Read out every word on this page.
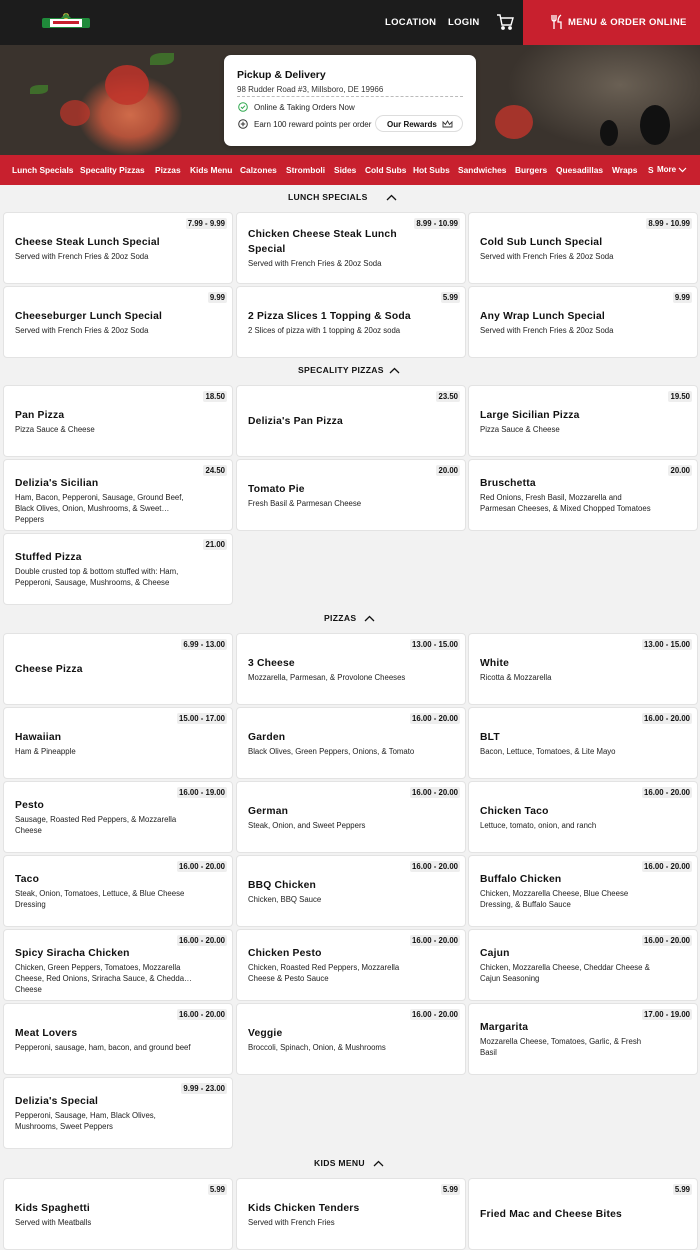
LOCATION LOGIN	MENU & ORDER ONLINE
Pickup & Delivery
98 Rudder Road #3, Millsboro, DE 19966
Online & Taking Orders Now
Earn 100 reward points per order Our Rewards
Lunch Specials Specality Pizzas Pizzas Kids Menu Calzones Stromboli Sides Cold Subs Hot Subs Sandwiches Burgers Quesadillas Wraps S More
LUNCH SPECIALS
7.99 - 9.99
Cheese Steak Lunch Special
Served with French Fries & 20oz Soda
8.99 - 10.99
Chicken Cheese Steak Lunch Special
Served with French Fries & 20oz Soda
8.99 - 10.99
Cold Sub Lunch Special
Served with French Fries & 20oz Soda
9.99
Cheeseburger Lunch Special
Served with French Fries & 20oz Soda
5.99
2 Pizza Slices 1 Topping & Soda
2 Slices of pizza with 1 topping & 20oz soda
9.99
Any Wrap Lunch Special
Served with French Fries & 20oz Soda
SPECALITY PIZZAS
18.50
Pan Pizza
Pizza Sauce & Cheese
23.50
Delizia's Pan Pizza
19.50
Large Sicilian Pizza
Pizza Sauce & Cheese
24.50
Delizia's Sicilian
Ham, Bacon, Pepperoni, Sausage, Ground Beef, Black Olives, Onion, Mushrooms, & Sweet Peppers
20.00
Tomato Pie
Fresh Basil & Parmesan Cheese
20.00
Bruschetta
Red Onions, Fresh Basil, Mozzarella and Parmesan Cheeses, & Mixed Chopped Tomatoes
21.00
Stuffed Pizza
Double crusted top & bottom stuffed with: Ham, Pepperoni, Sausage, Mushrooms, & Cheese
PIZZAS
6.99 - 13.00
Cheese Pizza
13.00 - 15.00
3 Cheese
Mozzarella, Parmesan, & Provolone Cheeses
13.00 - 15.00
White
Ricotta & Mozzarella
15.00 - 17.00
Hawaiian
Ham & Pineapple
16.00 - 20.00
Garden
Black Olives, Green Peppers, Onions, & Tomato
16.00 - 20.00
BLT
Bacon, Lettuce, Tomatoes, & Lite Mayo
16.00 - 19.00
Pesto
Sausage, Roasted Red Peppers, & Mozzarella Cheese
16.00 - 20.00
German
Steak, Onion, and Sweet Peppers
16.00 - 20.00
Chicken Taco
Lettuce, tomato, onion, and ranch
16.00 - 20.00
Taco
Steak, Onion, Tomatoes, Lettuce, & Blue Cheese Dressing
16.00 - 20.00
BBQ Chicken
Chicken, BBQ Sauce
16.00 - 20.00
Buffalo Chicken
Chicken, Mozzarella Cheese, Blue Cheese Dressing, & Buffalo Sauce
16.00 - 20.00
Spicy Siracha Chicken
Chicken, Green Peppers, Tomatoes, Mozzarella Cheese, Red Onions, Sriracha Sauce, & Cheddar Cheese
16.00 - 20.00
Chicken Pesto
Chicken, Roasted Red Peppers, Mozzarella Cheese & Pesto Sauce
16.00 - 20.00
Cajun
Chicken, Mozzarella Cheese, Cheddar Cheese & Cajun Seasoning
16.00 - 20.00
Meat Lovers
Pepperoni, sausage, ham, bacon, and ground beef
16.00 - 20.00
Veggie
Broccoli, Spinach, Onion, & Mushrooms
17.00 - 19.00
Margarita
Mozzarella Cheese, Tomatoes, Garlic, & Fresh Basil
9.99 - 23.00
Delizia's Special
Pepperoni, Sausage, Ham, Black Olives, Mushrooms, Sweet Peppers
KIDS MENU
5.99
Kids Spaghetti
Served with Meatballs
5.99
Kids Chicken Tenders
Served with French Fries
5.99
Fried Mac and Cheese Bites
